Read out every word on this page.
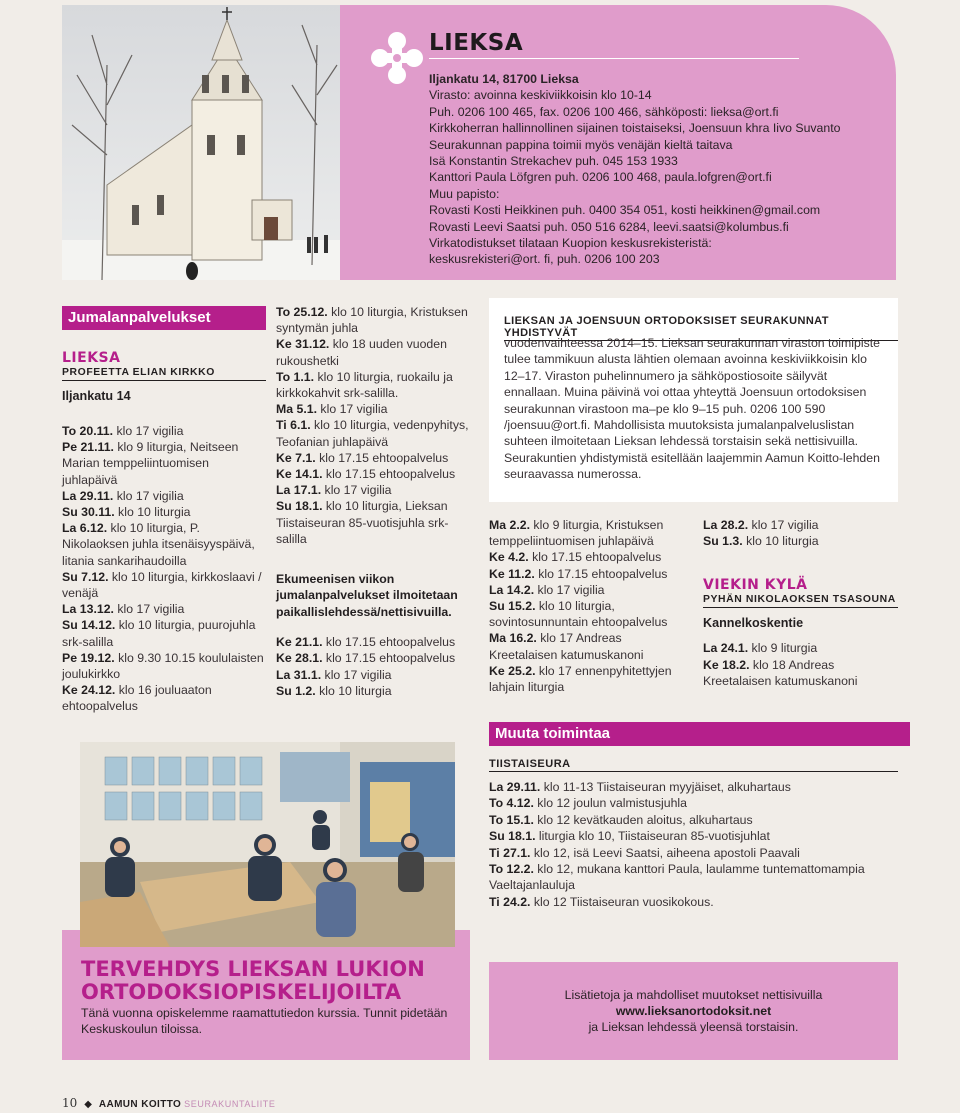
LIEKSA
Iljankatu 14, 81700 Lieksa
Virasto: avoinna keskiviikkoisin klo 10-14
Puh. 0206 100 465, fax. 0206 100 466, sähköposti: lieksa@ort.fi
Kirkkoherran hallinnollinen sijainen toistaiseksi, Joensuun khra Iivo Suvanto
Seurakunnan pappina toimii myös venäjän kieltä taitava
Isä Konstantin Strekachev puh. 045 153 1933
Kanttori Paula Löfgren puh. 0206 100 468, paula.lofgren@ort.fi
Muu papisto:
Rovasti Kosti Heikkinen puh. 0400 354 051, kosti heikkinen@gmail.com
Rovasti Leevi Saatsi puh. 050 516 6284, leevi.saatsi@kolumbus.fi
Virkatodistukset tilataan Kuopion keskusrekisteristä:
keskusrekisteri@ort. fi, puh. 0206 100 203
Jumalanpalvelukset
LIEKSA
PROFEETTA ELIAN KIRKKO
Iljankatu 14
To 20.11. klo 17 vigilia
Pe 21.11. klo 9 liturgia, Neitseen Marian temppeliintuomisen juhlapäivä
La 29.11. klo 17 vigilia
Su 30.11. klo 10 liturgia
La 6.12. klo 10 liturgia, P. Nikolaoksen juhla itsenäisyyspäivä, litania sankarihaudoilla
Su 7.12. klo 10 liturgia, kirkkoslaavi / venäjä
La 13.12. klo 17 vigilia
Su 14.12. klo 10 liturgia, puurojuhla srk-salilla
Pe 19.12. klo 9.30 10.15 koululaisten joulukirkko
Ke 24.12. klo 16 jouluaaton ehtoopalvelus
To 25.12. klo 10 liturgia, Kristuksen syntymän juhla
Ke 31.12. klo 18 uuden vuoden rukoushetki
To 1.1. klo 10 liturgia, ruokailu ja kirkkokahvit srk-salilla.
Ma 5.1. klo 17 vigilia
Ti 6.1. klo 10 liturgia, vedenpyhitys, Teofanian juhlapäivä
Ke 7.1. klo 17.15 ehtoopalvelus
Ke 14.1. klo 17.15 ehtoopalvelus
La 17.1. klo 17 vigilia
Su 18.1. klo 10 liturgia, Lieksan Tiistaiseuran 85-vuotisjuhla srk-salilla
Ekumeenisen viikon jumalanpalvelukset ilmoitetaan paikallislehdessä/nettisivuilla.
Ke 21.1. klo 17.15 ehtoopalvelus
Ke 28.1. klo 17.15 ehtoopalvelus
La 31.1. klo 17 vigilia
Su 1.2. klo 10 liturgia
LIEKSAN JA JOENSUUN ORTODOKSISET SEURAKUNNAT YHDISTYVÄT
vuodenvaihteessa 2014–15. Lieksan seurakunnan viraston toimipiste tulee tammikuun alusta lähtien olemaan avoinna keskiviikkoisin klo 12–17. Viraston puhelinnumero ja sähköpostiosoite säilyvät ennallaan. Muina päivinä voi ottaa yhteyttä Joensuun ortodoksisen seurakunnan virastoon ma–pe klo 9–15 puh. 0206 100 590 /joensuu@ort.fi. Mahdollisista muutoksista jumalanpalveluslistan suhteen ilmoitetaan Lieksan lehdessä torstaisin sekä nettisivuilla. Seurakuntien yhdistymistä esitellään laajemmin Aamun Koitto-lehden seuraavassa numerossa.
Ma 2.2. klo 9 liturgia, Kristuksen temppeliintuomisen juhlapäivä
Ke 4.2. klo 17.15 ehtoopalvelus
Ke 11.2. klo 17.15 ehtoopalvelus
La 14.2. klo 17 vigilia
Su 15.2. klo 10 liturgia, sovintosunnuntain ehtoopalvelus
Ma 16.2. klo 17 Andreas Kreetalaisen katumuskanoni
Ke 25.2. klo 17 ennenpyhitettyjen lahjain liturgia
La 28.2. klo 17 vigilia
Su 1.3. klo 10 liturgia
VIEKIN KYLÄ
PYHÄN NIKOLAOKSEN TSASOUNA
Kannelkoskentie
La 24.1. klo 9 liturgia
Ke 18.2. klo 18 Andreas Kreetalaisen katumuskanoni
Muuta toimintaa
TIISTAISEURA
La 29.11. klo 11-13 Tiistaiseuran myyjäiset, alkuhartaus
To 4.12. klo 12 joulun valmistusjuhla
To 15.1. klo 12 kevätkauden aloitus, alkuhartaus
Su 18.1. liturgia klo 10, Tiistaiseuran 85-vuotisjuhlat
Ti 27.1. klo 12, isä Leevi Saatsi, aiheena apostoli Paavali
To 12.2. klo 12, mukana kanttori Paula, laulamme tuntemattomampia Vaeltajanlauluja
Ti 24.2. klo 12 Tiistaiseuran vuosikokous.
TERVEHDYS LIEKSAN LUKION
ORTODOKSIOPISKELIJOILTA
Tänä vuonna opiskelemme raamattutiedon kurssia. Tunnit pidetään Keskuskoulun tiloissa.
Lisätietoja ja mahdolliset muutokset nettisivuilla
www.lieksanortodoksit.net
ja Lieksan lehdessä yleensä torstaisin.
10 ◆ AAMUN KOITTO SEURAKUNTALIITE
